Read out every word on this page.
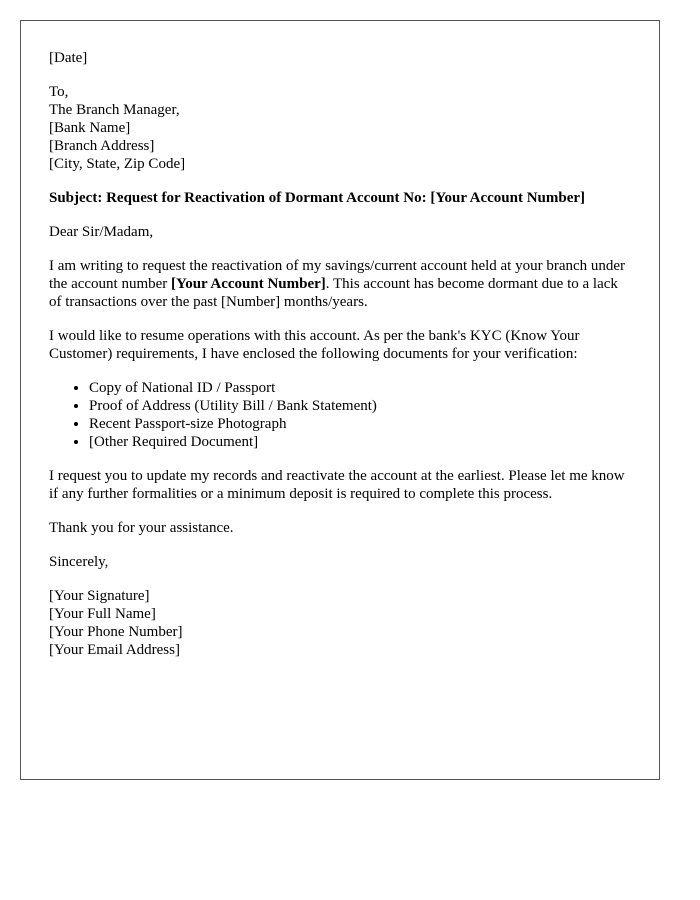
[Date]
To,
The Branch Manager,
[Bank Name]
[Branch Address]
[City, State, Zip Code]

Subject: Request for Reactivation of Dormant Account No: [Your Account Number]

Dear Sir/Madam,

I am writing to request the reactivation of my savings/current account held at your branch under the account number [Your Account Number]. This account has become dormant due to a lack of transactions over the past [Number] months/years.

I would like to resume operations with this account. As per the bank's KYC (Know Your Customer) requirements, I have enclosed the following documents for your verification:

• Copy of National ID / Passport
• Proof of Address (Utility Bill / Bank Statement)
• Recent Passport-size Photograph
• [Other Required Document]

I request you to update my records and reactivate the account at the earliest. Please let me know if any further formalities or a minimum deposit is required to complete this process.

Thank you for your assistance.

Sincerely,

[Your Signature]
[Your Full Name]
[Your Phone Number]
[Your Email Address]
